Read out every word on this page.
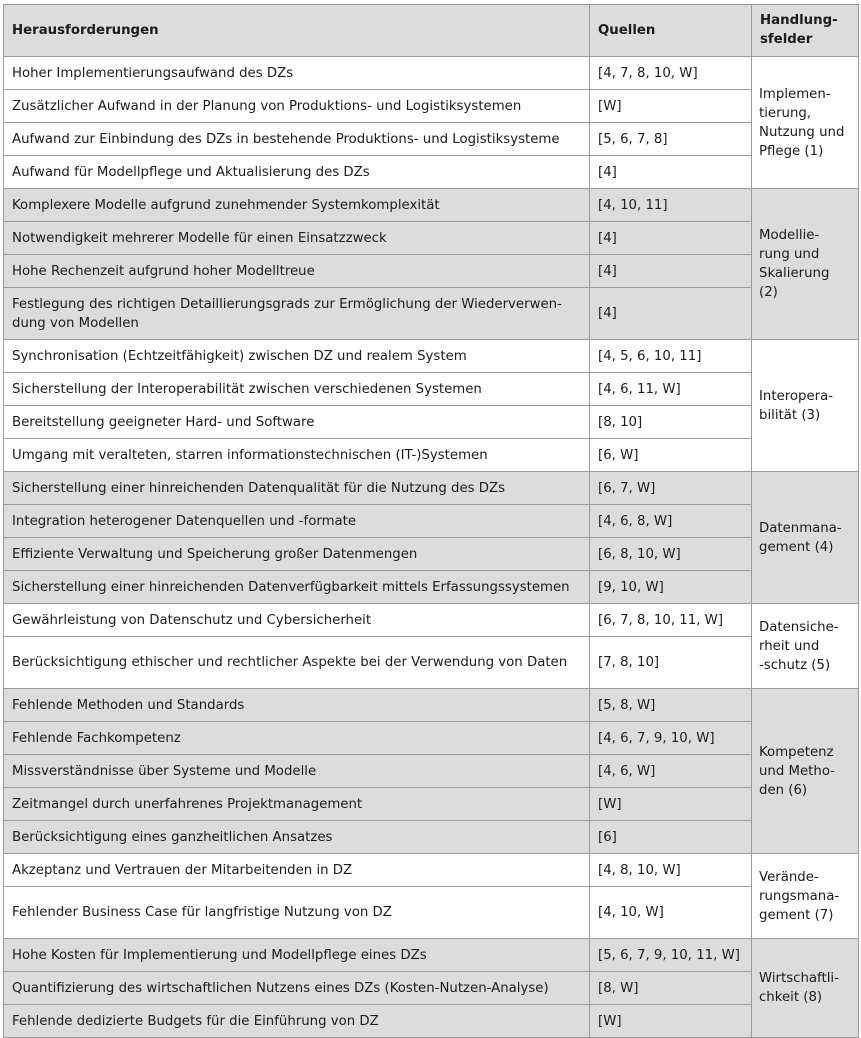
Herausforderungen	Quellen	Handlung-
sfelder
Hoher Implementierungsaufwand des DZs	[4, 7, 8, 10, W]	Implemen-
tierung,
Nutzung und
Pflege (1)
Zusätzlicher Aufwand in der Planung von Produktions- und Logistiksystemen	[W]	
Aufwand zur Einbindung des DZs in bestehende Produktions- und Logistiksysteme	[5, 6, 7, 8]	
Aufwand für Modellpflege und Aktualisierung des DZs	[4]	
Komplexere Modelle aufgrund zunehmender Systemkomplexität	[4, 10, 11]	Modellie-
rung und
Skalierung
(2)
Notwendigkeit mehrerer Modelle für einen Einsatzzweck	[4]	
Hohe Rechenzeit aufgrund hoher Modelltreue	[4]	
Festlegung des richtigen Detaillierungsgrads zur Ermöglichung der Wiederverwen-
dung von Modellen	[4]	
Synchronisation (Echtzeitfähigkeit) zwischen DZ und realem System	[4, 5, 6, 10, 11]	Interopera-
bilität (3)
Sicherstellung der Interoperabilität zwischen verschiedenen Systemen	[4, 6, 11, W]	
Bereitstellung geeigneter Hard- und Software	[8, 10]	
Umgang mit veralteten, starren informationstechnischen (IT-)Systemen	[6, W]	
Sicherstellung einer hinreichenden Datenqualität für die Nutzung des DZs	[6, 7, W]	Datenmana-
gement (4)
Integration heterogener Datenquellen und -formate	[4, 6, 8, W]	
Effiziente Verwaltung und Speicherung großer Datenmengen	[6, 8, 10, W]	
Sicherstellung einer hinreichenden Datenverfügbarkeit mittels Erfassungssystemen	[9, 10, W]	
Gewährleistung von Datenschutz und Cybersicherheit	[6, 7, 8, 10, 11, W]	Datensiche-
rheit und
-schutz (5)
Berücksichtigung ethischer und rechtlicher Aspekte bei der Verwendung von Daten	[7, 8, 10]	
Fehlende Methoden und Standards	[5, 8, W]	Kompetenz
und Metho-
den (6)
Fehlende Fachkompetenz	[4, 6, 7, 9, 10, W]	
Missverständnisse über Systeme und Modelle	[4, 6, W]	
Zeitmangel durch unerfahrenes Projektmanagement	[W]	
Berücksichtigung eines ganzheitlichen Ansatzes	[6]	
Akzeptanz und Vertrauen der Mitarbeitenden in DZ	[4, 8, 10, W]	Verände-
rungsmana-
gement (7)
Fehlender Business Case für langfristige Nutzung von DZ	[4, 10, W]	
Hohe Kosten für Implementierung und Modellpflege eines DZs	[5, 6, 7, 9, 10, 11, W]	Wirtschaftli-
chkeit (8)
Quantifizierung des wirtschaftlichen Nutzens eines DZs (Kosten-Nutzen-Analyse)	[8, W]	
Fehlende dedizierte Budgets für die Einführung von DZ	[W]	
